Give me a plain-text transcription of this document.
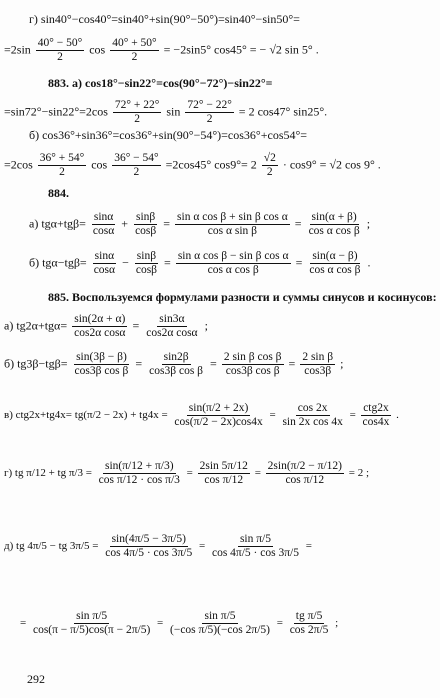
г) sin40°−cos40°=sin40°+sin(90°−50°)=sin40°−sin50°=
$=2\sin \frac{40^\circ - 50^\circ}{2}$ $\cos \frac{40^\circ + 50^\circ}{2} = -2\sin 5^\circ$ cos45° = − √2 sin 5° .
883. а) cos18°−sin22°=cos(90°−72°)−sin22°=
$=\sin 72^\circ-\sin 22^\circ=2\cos \frac{72^\circ + 22^\circ}{2}$ $\sin \frac{72^\circ - 22^\circ}{2} = 2$ cos47° sin25°.
б) cos36°+sin36°=cos36°+sin(90°−54°)=cos36°+cos54°=
$=2\cos \frac{36^\circ + 54^\circ}{2}$ $\cos \frac{36^\circ - 54^\circ}{2} =2\cos 45^\circ$ $\cos 9^\circ= 2 \frac{√2}{2} \cdot \cos 9^\circ = √2$ cos 9° .
884.
а) $tg\alpha+tg\beta= \frac{\sin\alpha}{\cos\alpha} + \frac{\sin\beta}{\cos\beta} = \frac{\text{sin α cos β + sin β cos α}}{\text{cos α sin β}} = \frac{\sin(\alpha + \beta)}{\text{cos α cos β}}$ ;
б) $tg\alpha-tg\beta= \frac{\sin\alpha}{\cos\alpha} - \frac{\sin\beta}{\cos\beta} = \frac{\text{sin α cos β − sin β cos α}}{\text{cos α cos β}} = \frac{\sin(\alpha - \beta)}{\text{cos α cos β}}$ .
885. Воспользуемся формулами разности и суммы синусов и косинусов:
а) $tg2\alpha+tg\alpha= \frac{\sin(2\alpha + \alpha)}{\text{cos2α cosα}} = \frac{\sin 3\alpha}{\text{cos2α cosα}}$ ;
б) $tg3\beta-tg\beta= \frac{\sin(3\beta - \beta)}{\text{cos3β cos β}} = \frac{\sin 2\beta}{\text{cos3β cos β}} = \frac{\text{2 sin β cos β}}{\text{cos3β cos β}} = \frac{\text{2 sin β}}{\cos 3\beta}$ ;
в) $ctg2x+tg4x= tg(\pi/2 - 2x) + tg4x = \frac{\sin(\pi/2 + 2x)}{\cos(\pi/2 - 2x)\cos 4x} = \frac{\cos 2x}{\text{sin 2x cos 4x}}$ =
ctg2x
cos4x
.
г) tg π/12 + tg $\pi/3 = \frac{\sin(\pi/12 + \pi/3)}{\text{cos π/12 · cos π/3}} = \frac{2\sin 5\pi/12}{\text{cos π/12}} = \frac{2\sin(\pi/2 - \pi/12)}{\text{cos π/12}} = 2$ ;
д) tg 4π/5 − tg $3\pi/5 = \frac{\sin(4\pi/5 - 3\pi/5)}{\cos 4\pi/5 \cdot \cos 3\pi/5} = \frac{\text{sin π/5}}{\cos 4\pi/5 \cdot \cos 3\pi/5}$ =
= $\frac{\text{sin π/5}}{\cos(\pi - \pi/5)\cos(\pi - 2\pi/5)} = \frac{\text{sin π/5}}{\text{(−cos π/5)(−cos 2π/5)}} = \frac{\text{tg π/5}}{\cos 2\pi/5}$ ;
292
